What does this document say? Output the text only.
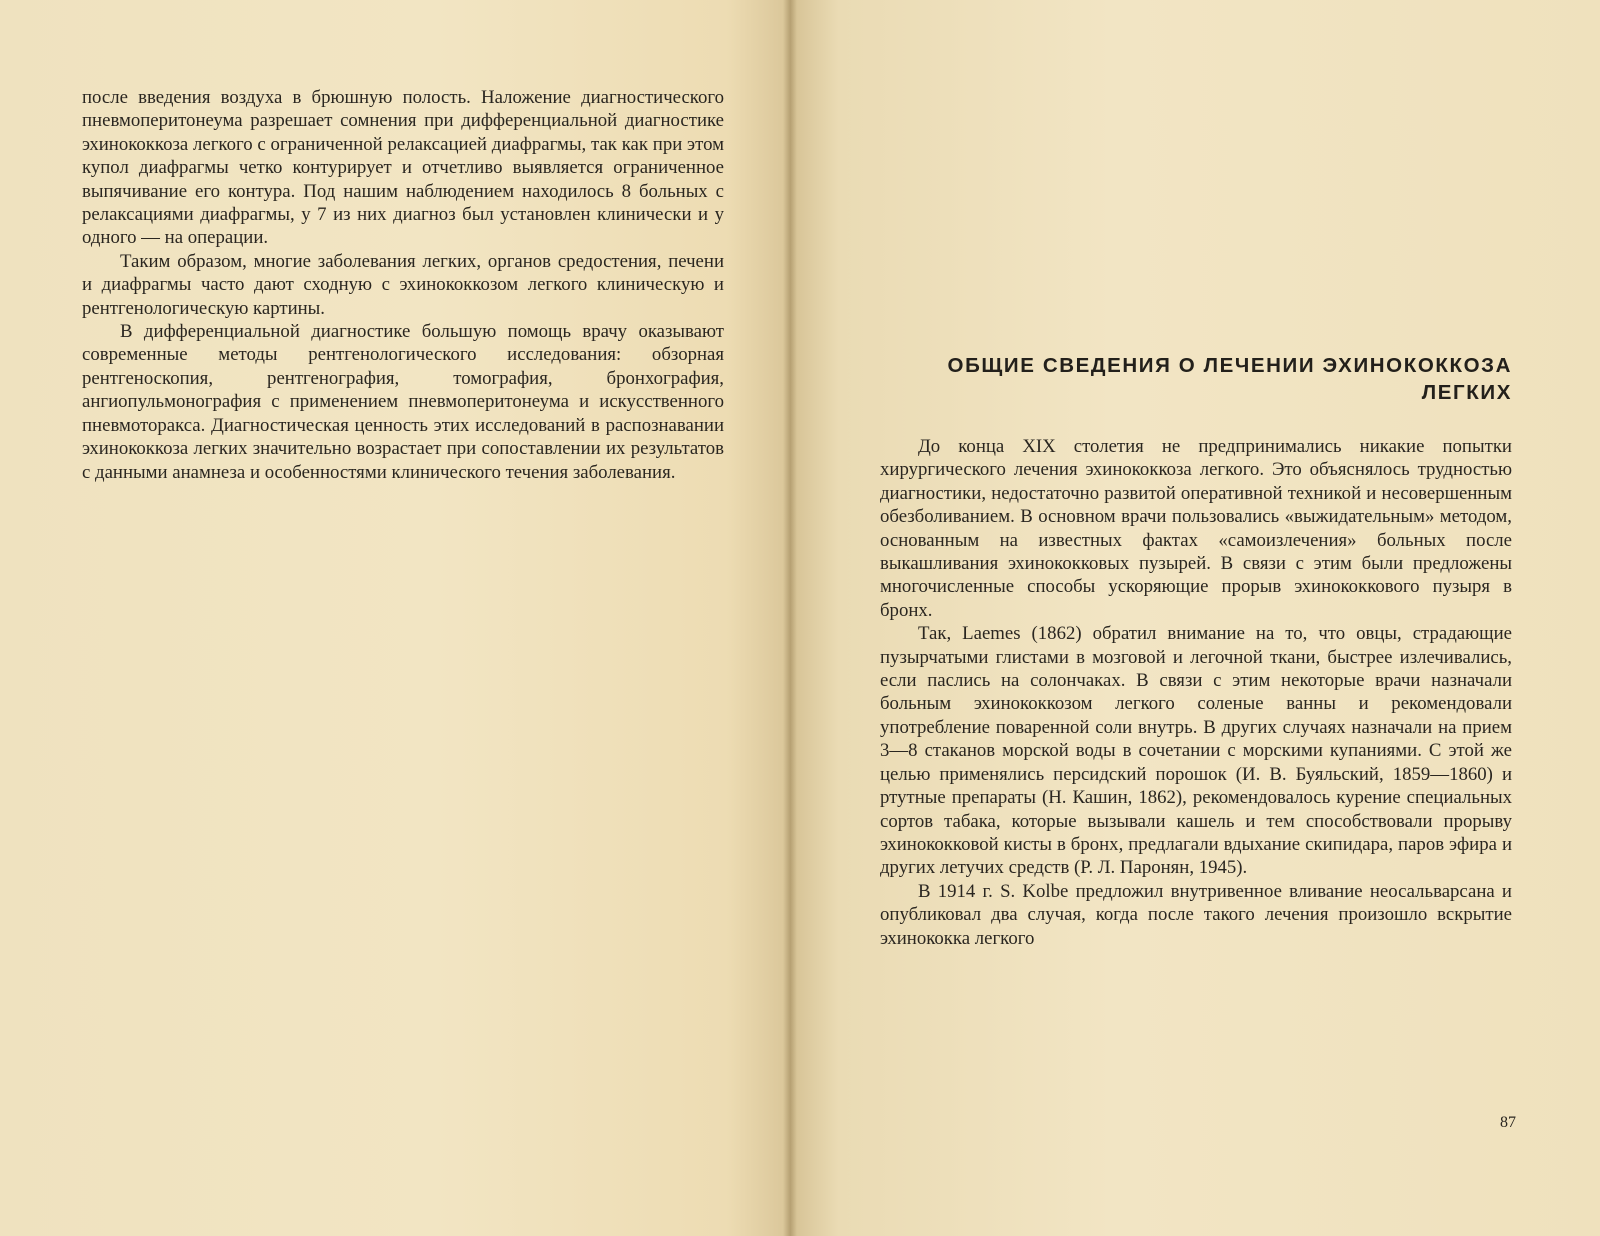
после введения воздуха в брюшную полость. Наложение диагностического пневмоперитонеума разрешает сомнения при дифференциальной диагностике эхинококкоза легкого с ограниченной релаксацией диафрагмы, так как при этом купол диафрагмы четко контурирует и отчетливо выявляется ограниченное выпячивание его контура. Под нашим наблюдением находилось 8 больных с релаксациями диафрагмы, у 7 из них диагноз был установлен клинически и у одного — на операции.

Таким образом, многие заболевания легких, органов средостения, печени и диафрагмы часто дают сходную с эхинококкозом легкого клиническую и рентгенологическую картины.

В дифференциальной диагностике большую помощь врачу оказывают современные методы рентгенологического исследования: обзорная рентгеноскопия, рентгенография, томография, бронхография, ангиопульмонография с применением пневмоперитонеума и искусственного пневмоторакса. Диагностическая ценность этих исследований в распознавании эхинококкоза легких значительно возрастает при сопоставлении их результатов с данными анамнеза и особенностями клинического течения заболевания.

ОБЩИЕ СВЕДЕНИЯ О ЛЕЧЕНИИ ЭХИНОКОККОЗА
ЛЕГКИХ

До конца XIX столетия не предпринимались никакие попытки хирургического лечения эхинококкоза легкого. Это объяснялось трудностью диагностики, недостаточно развитой оперативной техникой и несовершенным обезболиванием. В основном врачи пользовались «выжидательным» методом, основанным на известных фактах «самоизлечения» больных после выкашливания эхинококковых пузырей. В связи с этим были предложены многочисленные способы ускоряющие прорыв эхинококкового пузыря в бронх.

Так, Laemes (1862) обратил внимание на то, что овцы, страдающие пузырчатыми глистами в мозговой и легочной ткани, быстрее излечивались, если паслись на солончаках. В связи с этим некоторые врачи назначали больным эхинококкозом легкого соленые ванны и рекомендовали употребление поваренной соли внутрь. В других случаях назначали на прием 3—8 стаканов морской воды в сочетании с морскими купаниями. С этой же целью применялись персидский порошок (И. В. Буяльский, 1859—1860) и ртутные препараты (Н. Кашин, 1862), рекомендовалось курение специальных сортов табака, которые вызывали кашель и тем способствовали прорыву эхинококковой кисты в бронх, предлагали вдыхание скипидара, паров эфира и других летучих средств (Р. Л. Паронян, 1945).

В 1914 г. S. Kolbe предложил внутривенное вливание неосальварсана и опубликовал два случая, когда после такого лечения произошло вскрытие эхинококка легкого

87
